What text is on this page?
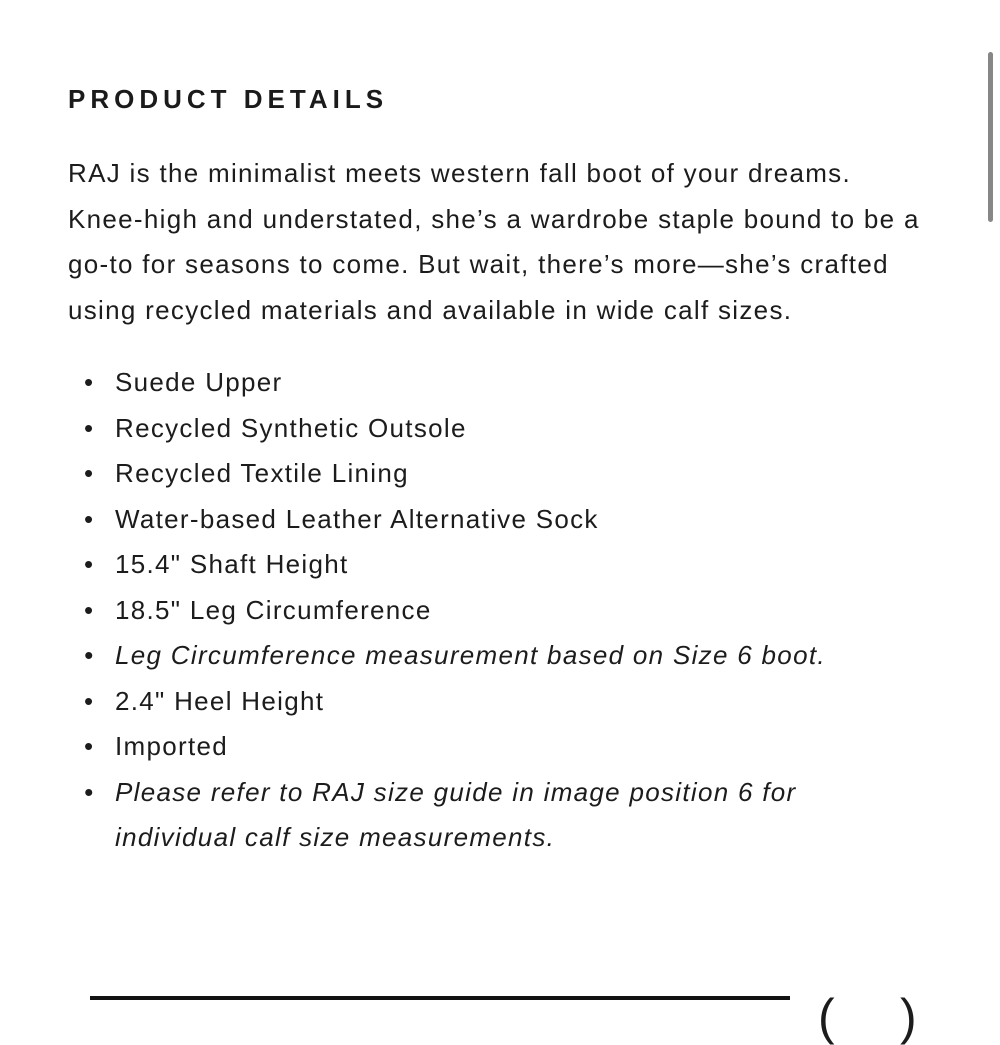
PRODUCT DETAILS

RAJ is the minimalist meets western fall boot of your dreams. Knee-high and understated, she’s a wardrobe staple bound to be a go-to for seasons to come. But wait, there’s more—she’s crafted using recycled materials and available in wide calf sizes.

• Suede Upper
• Recycled Synthetic Outsole
• Recycled Textile Lining
• Water-based Leather Alternative Sock
• 15.4" Shaft Height
• 18.5" Leg Circumference
• Leg Circumference measurement based on Size 6 boot.
• 2.4" Heel Height
• Imported
• Please refer to RAJ size guide in image position 6 for individual calf size measurements.
( )
